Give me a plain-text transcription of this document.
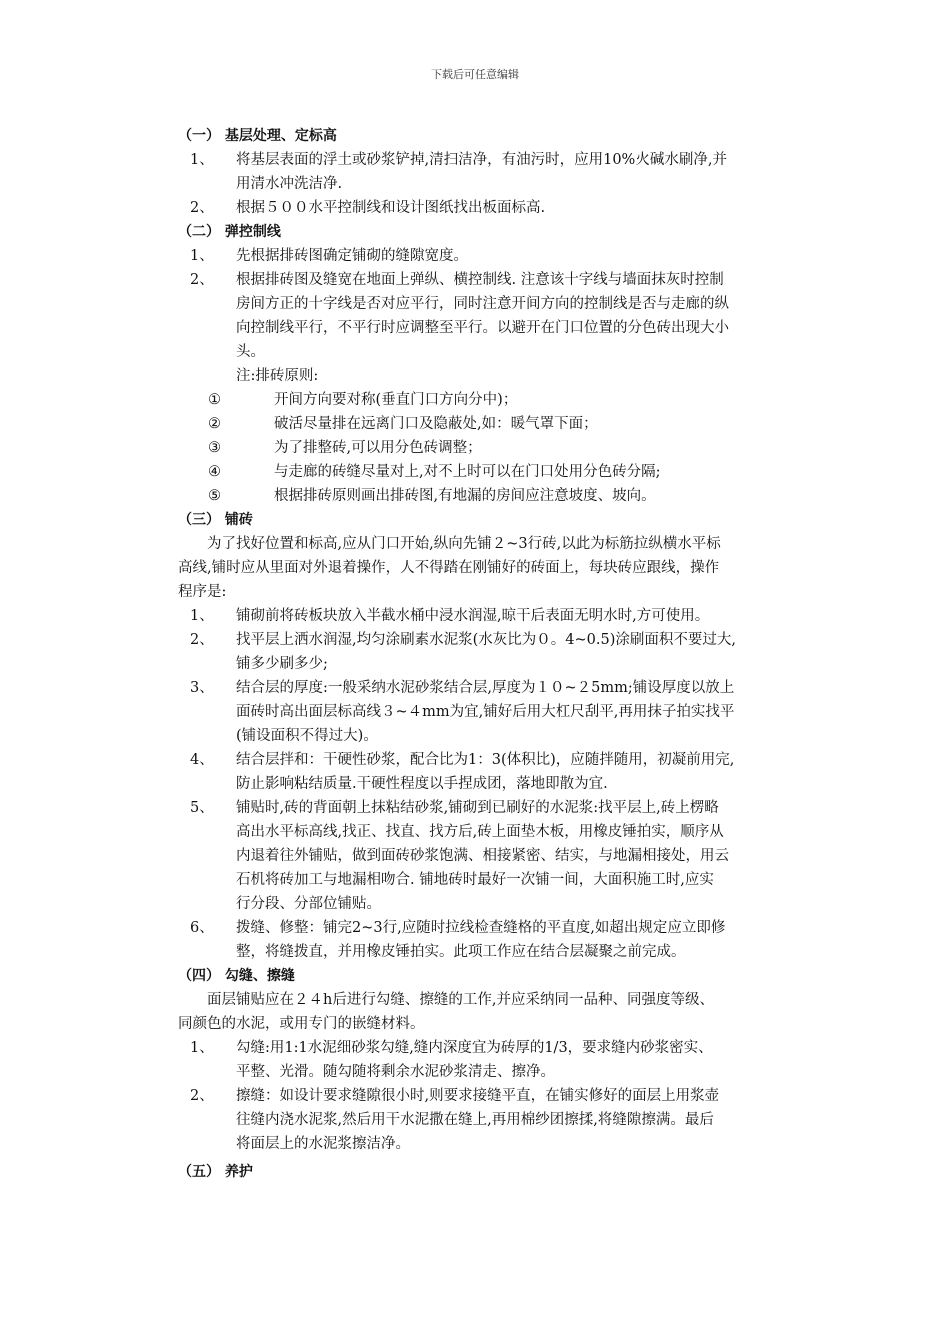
下载后可任意编辑
（一） 基层处理、定标高
1、 将基层表面的浮土或砂浆铲掉,清扫洁净，有油污时，应用10%火碱水刷净,并
用清水冲洗洁净.
2、 根据５００水平控制线和设计图纸找出板面标高.
（二） 弹控制线
1、 先根据排砖图确定铺砌的缝隙宽度。
2、 根据排砖图及缝宽在地面上弹纵、横控制线. 注意该十字线与墙面抹灰时控制
房间方正的十字线是否对应平行，同时注意开间方向的控制线是否与走廊的纵
向控制线平行，不平行时应调整至平行。以避开在门口位置的分色砖出现大小
头。
注:排砖原则:
①	开间方向要对称(垂直门口方向分中)；
②	破活尽量排在远离门口及隐蔽处,如：暖气罩下面；
③	为了排整砖,可以用分色砖调整；
④	与走廊的砖缝尽量对上,对不上时可以在门口处用分色砖分隔;
⑤	根据排砖原则画出排砖图,有地漏的房间应注意坡度、坡向。
（三） 铺砖
为了找好位置和标高,应从门口开始,纵向先铺２~3行砖,以此为标筋拉纵横水平标
高线,铺时应从里面对外退着操作，人不得踏在刚铺好的砖面上，每块砖应跟线，操作
程序是:
1、 铺砌前将砖板块放入半截水桶中浸水润湿,晾干后表面无明水时,方可使用。
2、 找平层上洒水润湿,均匀涂刷素水泥浆(水灰比为０。4~0.5)涂刷面积不要过大,
铺多少刷多少;
3、 结合层的厚度:一般采纳水泥砂浆结合层,厚度为１０~２5mm;铺设厚度以放上
面砖时高出面层标高线３~４mm为宜,铺好后用大杠尺刮平,再用抹子拍实找平
(铺设面积不得过大)。
4、 结合层拌和：干硬性砂浆，配合比为1：3(体积比)，应随拌随用，初凝前用完,
防止影响粘结质量.干硬性程度以手捏成团，落地即散为宜.
5、 铺贴时,砖的背面朝上抹粘结砂浆,铺砌到已刷好的水泥浆:找平层上,砖上楞略
高出水平标高线,找正、找直、找方后,砖上面垫木板，用橡皮锤拍实，顺序从
内退着往外铺贴，做到面砖砂浆饱满、相接紧密、结实，与地漏相接处，用云
石机将砖加工与地漏相吻合. 铺地砖时最好一次铺一间，大面积施工时,应实
行分段、分部位铺贴。
6、 拨缝、修整：铺完2~3行,应随时拉线检查缝格的平直度,如超出规定应立即修
整，将缝拨直，并用橡皮锤拍实。此项工作应在结合层凝聚之前完成。
（四） 勾缝、擦缝
面层铺贴应在２４h后进行勾缝、擦缝的工作,并应采纳同一品种、同强度等级、
同颜色的水泥，或用专门的嵌缝材料。
1、 勾缝:用1:1水泥细砂浆勾缝,缝内深度宜为砖厚的1/3，要求缝内砂浆密实、
平整、光滑。随勾随将剩余水泥砂浆清走、擦净。
2、 擦缝：如设计要求缝隙很小时,则要求接缝平直，在铺实修好的面层上用浆壶
往缝内浇水泥浆,然后用干水泥撒在缝上,再用棉纱团擦揉,将缝隙擦满。最后
将面层上的水泥浆擦洁净。
（五） 养护
